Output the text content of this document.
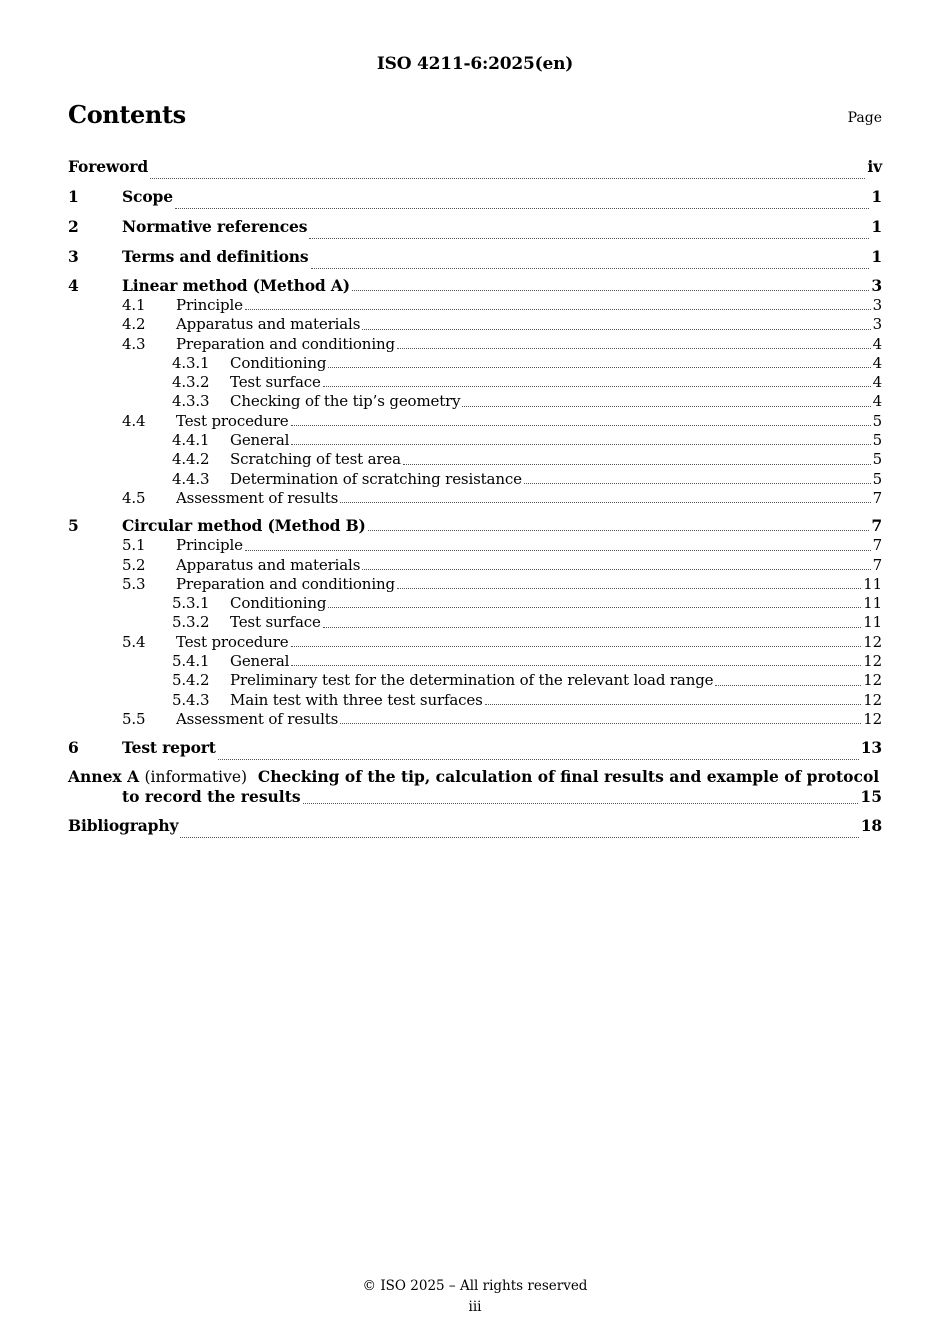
ISO 4211-6:2025(en)
Contents	Page
Foreword	iv
1	Scope	1
2	Normative references	1
3	Terms and definitions	1
4	Linear method (Method A)	3
4.1	Principle	3
4.2	Apparatus and materials	3
4.3	Preparation and conditioning	4
4.3.1	Conditioning	4
4.3.2	Test surface	4
4.3.3	Checking of the tip’s geometry	4
4.4	Test procedure	5
4.4.1	General	5
4.4.2	Scratching of test area	5
4.4.3	Determination of scratching resistance	5
4.5	Assessment of results	7
5	Circular method (Method B)	7
5.1	Principle	7
5.2	Apparatus and materials	7
5.3	Preparation and conditioning	11
5.3.1	Conditioning	11
5.3.2	Test surface	11
5.4	Test procedure	12
5.4.1	General	12
5.4.2	Preliminary test for the determination of the relevant load range	12
5.4.3	Main test with three test surfaces	12
5.5	Assessment of results	12
6	Test report	13
Annex A (informative) Checking of the tip, calculation of final results and example of protocol
to record the results	15
Bibliography	18
© ISO 2025 – All rights reserved
iii
